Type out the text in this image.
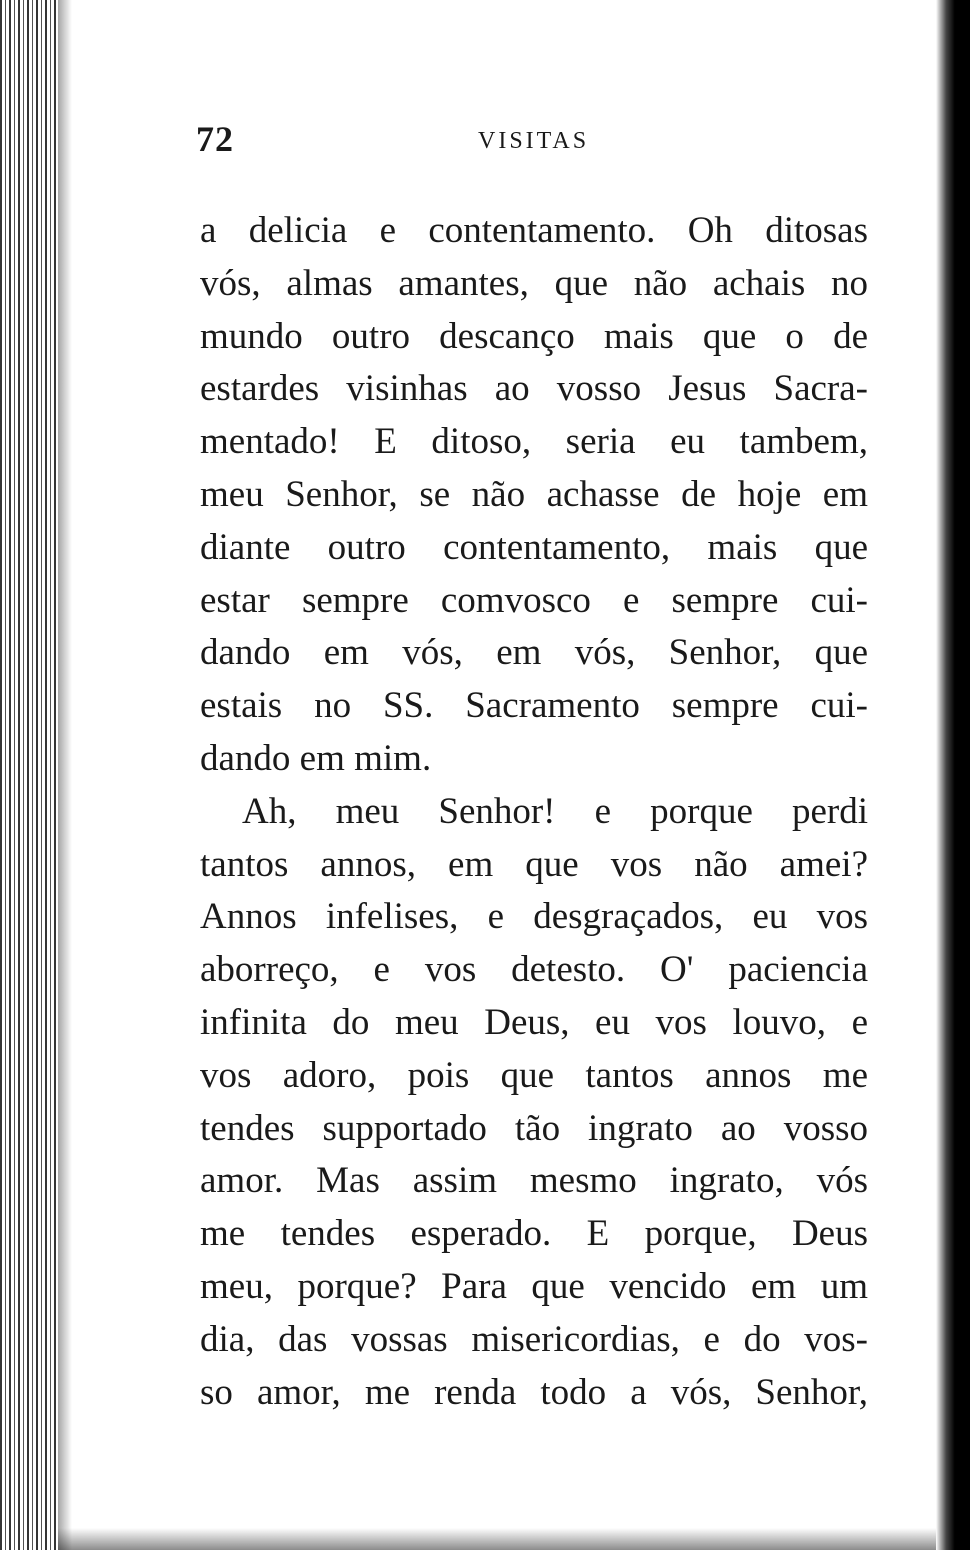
72	VISITAS
a delicia e contentamento. Oh ditosas
vós, almas amantes, que não achais no
mundo outro descanço mais que o de
estardes visinhas ao vosso Jesus Sacra-
mentado! E ditoso, seria eu tambem,
meu Senhor, se não achasse de hoje em
diante outro contentamento, mais que
estar sempre comvosco e sempre cui-
dando em vós, em vós, Senhor, que
estais no SS. Sacramento sempre cui-
dando em mim.
Ah, meu Senhor! e porque perdi
tantos annos, em que vos não amei?
Annos infelises, e desgraçados, eu vos
aborreço, e vos detesto. O' paciencia
infinita do meu Deus, eu vos louvo, e
vos adoro, pois que tantos annos me
tendes supportado tão ingrato ao vosso
amor. Mas assim mesmo ingrato, vós
me tendes esperado. E porque, Deus
meu, porque? Para que vencido em um
dia, das vossas misericordias, e do vos-
so amor, me renda todo a vós, Senhor,
